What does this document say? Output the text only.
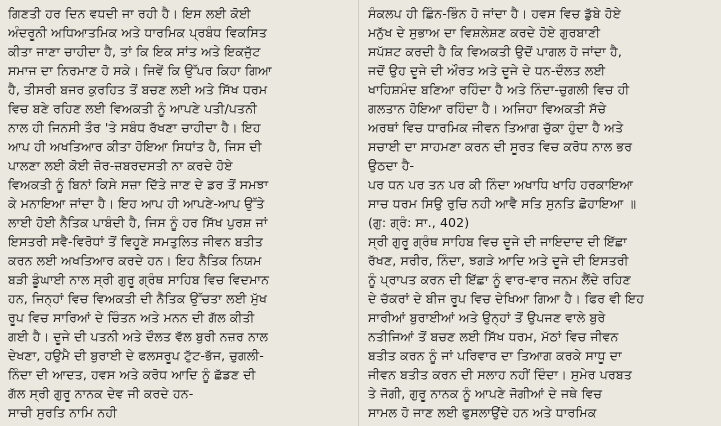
ਗਿਣਤੀ ਹਰ ਦਿਨ ਵਧਦੀ ਜਾ ਰਹੀ ਹੈ। ਇਸ ਲਈ ਕੋਈ
ਅੰਦਰੂਨੀ ਅਧਿਆਤਮਿਕ ਅਤੇ ਧਾਰਮਿਕ ਪ੍ਰਬੰਧ ਵਿਕਸਿਤ
ਕੀਤਾ ਜਾਣਾ ਚਾਹੀਦਾ ਹੈ, ਤਾਂ ਕਿ ਇਕ ਸਾਂਤ ਅਤੇ ਇਕਜੁੱਟ
ਸਮਾਜ ਦਾ ਨਿਰਮਾਣ ਹੋ ਸਕੇ। ਜਿਵੇਂ ਕਿ ਉੱਪਰ ਕਿਹਾ ਗਿਆ
ਹੈ, ਤੀਸਰੀ ਬਜਰ ਕੁਰਹਿਤ ਤੋਂ ਬਚਣ ਲਈ ਅਤੇ ਸਿੱਖ ਧਰਮ
ਵਿਚ ਬਣੇ ਰਹਿਣ ਲਈ ਵਿਅਕਤੀ ਨੂੰ ਆਪਣੇ ਪਤੀ/ਪਤਨੀ
ਨਾਲ ਹੀ ਜਿਨਸੀ ਤੌਰ 'ਤੇ ਸਬੰਧ ਰੱਖਣਾ ਚਾਹੀਦਾ ਹੈ। ਇਹ
ਆਪ ਹੀ ਅਖਤਿਆਰ ਕੀਤਾ ਹੋਇਆ ਸਿਧਾਂਤ ਹੈ, ਜਿਸ ਦੀ
ਪਾਲਣਾ ਲਈ ਕੋਈ ਜ਼ੋਰ-ਜ਼ਬਰਦਸਤੀ ਨਾ ਕਰਦੇ ਹੋਏ
ਵਿਅਕਤੀ ਨੂੰ ਬਿਨਾਂ ਕਿਸੇ ਸਜ਼ਾ ਦਿੱਤੇ ਜਾਣ ਦੇ ਡਰ ਤੋਂ ਸਮਝਾ
ਕੇ ਮਨਾਇਆ ਜਾਂਦਾ ਹੈ। ਇਹ ਆਪ ਹੀ ਆਪਣੇ-ਆਪ ਉੱਤੇ
ਲਾਈ ਹੋਈ ਨੈਤਿਕ ਪਾਬੰਦੀ ਹੈ, ਜਿਸ ਨੂੰ ਹਰ ਸਿੱਖ ਪੁਰਸ਼ ਜਾਂ
ਇਸਤਰੀ ਸਵੈ-ਵਿਰੋਧਾਂ ਤੋਂ ਵਿਹੂਣੇ ਸਮਤੁਲਿਤ ਜੀਵਨ ਬਤੀਤ
ਕਰਨ ਲਈ ਅਖਤਿਆਰ ਕਰਦੇ ਹਨ। ਇਹ ਨੈਤਿਕ ਨਿਯਮ
ਬੜੀ ਡੂੰਘਾਈ ਨਾਲ ਸ੍ਰੀ ਗੁਰੂ ਗ੍ਰੰਥ ਸਾਹਿਬ ਵਿਚ ਵਿਦਮਾਨ
ਹਨ, ਜਿਨ੍ਹਾਂ ਵਿਚ ਵਿਅਕਤੀ ਦੀ ਨੈਤਿਕ ਉੱਚਤਾ ਲਈ ਮੁੱਖ
ਰੂਪ ਵਿਚ ਸਾਰਿਆਂ ਦੇ ਚਿੰਤਨ ਅਤੇ ਮਨਨ ਦੀ ਗੱਲ ਕੀਤੀ
ਗਈ ਹੈ। ਦੂਜੇ ਦੀ ਪਤਨੀ ਅਤੇ ਦੌਲਤ ਵੱਲ ਬੁਰੀ ਨਜ਼ਰ ਨਾਲ
ਦੇਖਣਾ, ਹਉਮੈ ਦੀ ਬੁਰਾਈ ਦੇ ਫਲਸਰੂਪ ਟੁੱਟ-ਭੱਜ, ਚੁਗਲੀ-
ਨਿੰਦਾ ਦੀ ਆਦਤ, ਹਵਸ ਅਤੇ ਕਰੋਧ ਆਦਿ ਨੂੰ ਛੱਡਣ ਦੀ
ਗੱਲ ਸ੍ਰੀ ਗੁਰੂ ਨਾਨਕ ਦੇਵ ਜੀ ਕਰਦੇ ਹਨ-
ਸਾਚੀ ਸੁਰਤਿ ਨਾਮਿ ਨਹੀ
ਸੰਕਲਪ ਹੀ ਛਿੰਨ-ਭਿੰਨ ਹੋ ਜਾਂਦਾ ਹੈ। ਹਵਸ ਵਿਚ ਡੁੱਬੇ ਹੋਏ
ਮਨੁੱਖ ਦੇ ਸੁਭਾਅ ਦਾ ਵਿਸ਼ਲੇਸ਼ਣ ਕਰਦੇ ਹੋਏ ਗੁਰਬਾਣੀ
ਸਪੱਸ਼ਟ ਕਰਦੀ ਹੈ ਕਿ ਵਿਅਕਤੀ ਉਦੋਂ ਪਾਗਲ ਹੋ ਜਾਂਦਾ ਹੈ,
ਜਦੋਂ ਉਹ ਦੂਜੇ ਦੀ ਔਰਤ ਅਤੇ ਦੂਜੇ ਦੇ ਧਨ-ਦੌਲਤ ਲਈ
ਖਾਹਿਸ਼ਮੰਦ ਬਣਿਆ ਰਹਿੰਦਾ ਹੈ ਅਤੇ ਨਿੰਦਾ-ਚੁਗਲੀ ਵਿਚ ਹੀ
ਗਲਤਾਨ ਹੋਇਆ ਰਹਿੰਦਾ ਹੈ। ਅਜਿਹਾ ਵਿਅਕਤੀ ਸੱਚੇ
ਅਰਥਾਂ ਵਿਚ ਧਾਰਮਿਕ ਜੀਵਨ ਤਿਆਗ ਚੁੱਕਾ ਹੁੰਦਾ ਹੈ ਅਤੇ
ਸਚਾਈ ਦਾ ਸਾਹਮਣਾ ਕਰਨ ਦੀ ਸੂਰਤ ਵਿਚ ਕਰੋਧ ਨਾਲ ਭਰ
ਉਠਦਾ ਹੈ-
ਪਰ ਧਨ ਪਰ ਤਨ ਪਰ ਕੀ ਨਿੰਦਾ ਅਖਾਧਿ ਖਾਹਿ ਹਰਕਾਇਆ
ਸਾਚ ਧਰਮ ਸਿਉ ਰੁਚਿ ਨਹੀ ਆਵੈ ਸਤਿ ਸੁਨਤਿ ਛੋਹਾਇਆ ॥
(ਗੁ: ਗ੍ਰੰ: ਸਾ., 402)
ਸ੍ਰੀ ਗੁਰੂ ਗ੍ਰੰਥ ਸਾਹਿਬ ਵਿਚ ਦੂਜੇ ਦੀ ਜਾਇਦਾਦ ਦੀ ਇੱਛਾ
ਰੱਖਣ, ਸਰੀਰ, ਨਿੰਦਾ, ਝਗੜੇ ਆਦਿ ਅਤੇ ਦੂਜੇ ਦੀ ਇਸਤਰੀ
ਨੂੰ ਪ੍ਰਾਪਤ ਕਰਨ ਦੀ ਇੱਛਾ ਨੂੰ ਵਾਰ-ਵਾਰ ਜਨਮ ਲੈਂਦੇ ਰਹਿਣ
ਦੇ ਚੱਕਰਾਂ ਦੇ ਬੀਜ ਰੂਪ ਵਿਚ ਦੇਖਿਆ ਗਿਆ ਹੈ। ਫਿਰ ਵੀ ਇਹ
ਸਾਰੀਆਂ ਬੁਰਾਈਆਂ ਅਤੇ ਉਨ੍ਹਾਂ ਤੋਂ ਉਪਜਣ ਵਾਲੇ ਬੁਰੇ
ਨਤੀਜਿਆਂ ਤੋਂ ਬਚਣ ਲਈ ਸਿੱਖ ਧਰਮ, ਮੱਠਾਂ ਵਿਚ ਜੀਵਨ
ਬਤੀਤ ਕਰਨ ਨੂੰ ਜਾਂ ਪਰਿਵਾਰ ਦਾ ਤਿਆਗ ਕਰਕੇ ਸਾਧੂ ਦਾ
ਜੀਵਨ ਬਤੀਤ ਕਰਨ ਦੀ ਸਲਾਹ ਨਹੀਂ ਦਿੰਦਾ। ਸੁਮੇਰ ਪਰਬਤ
ਤੇ ਜੋਗੀ, ਗੁਰੂ ਨਾਨਕ ਨੂੰ ਆਪਣੇ ਜੋਗੀਆਂ ਦੇ ਜਥੇ ਵਿਚ
ਸਾਮਲ ਹੋ ਜਾਣ ਲਈ ਫੁਸਲਾਉਂਦੇ ਹਨ ਅਤੇ ਧਾਰਮਿਕ
